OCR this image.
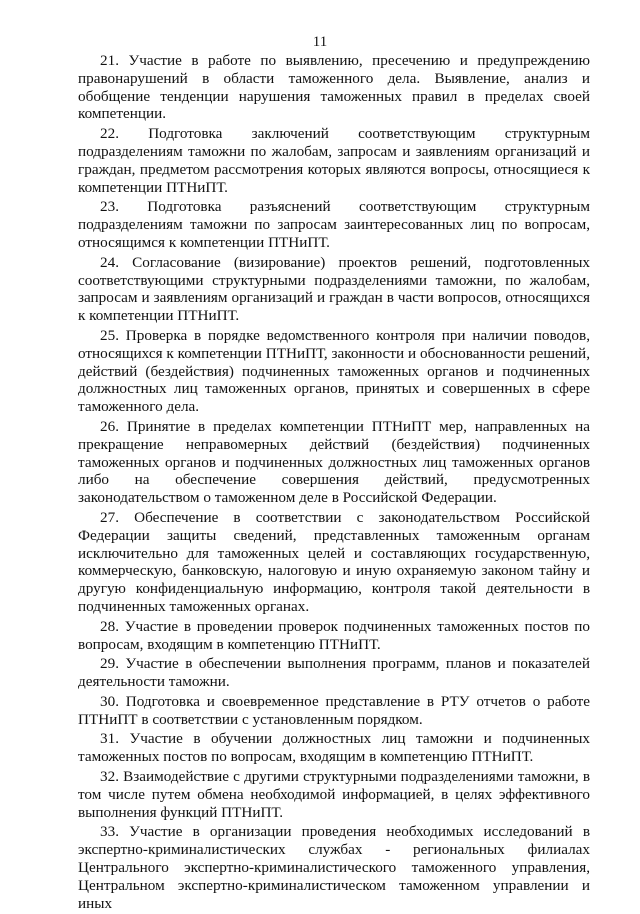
11

21. Участие в работе по выявлению, пресечению и предупреждению правонарушений в области таможенного дела. Выявление, анализ и обобщение тенденции нарушения таможенных правил в пределах своей компетенции.

22. Подготовка заключений соответствующим структурным подразделениям таможни по жалобам, запросам и заявлениям организаций и граждан, предметом рассмотрения которых являются вопросы, относящиеся к компетенции ПТНиПТ.

23. Подготовка разъяснений соответствующим структурным подразделениям таможни по запросам заинтересованных лиц по вопросам, относящимся к компетенции ПТНиПТ.

24. Согласование (визирование) проектов решений, подготовленных соответствующими структурными подразделениями таможни, по жалобам, запросам и заявлениям организаций и граждан в части вопросов, относящихся к компетенции ПТНиПТ.

25. Проверка в порядке ведомственного контроля при наличии поводов, относящихся к компетенции ПТНиПТ, законности и обоснованности решений, действий (бездействия) подчиненных таможенных органов и подчиненных должностных лиц таможенных органов, принятых и совершенных в сфере таможенного дела.

26. Принятие в пределах компетенции ПТНиПТ мер, направленных на прекращение неправомерных действий (бездействия) подчиненных таможенных органов и подчиненных должностных лиц таможенных органов либо на обеспечение совершения действий, предусмотренных законодательством о таможенном деле в Российской Федерации.

27. Обеспечение в соответствии с законодательством Российской Федерации защиты сведений, представленных таможенным органам исключительно для таможенных целей и составляющих государственную, коммерческую, банковскую, налоговую и иную охраняемую законом тайну и другую конфиденциальную информацию, контроля такой деятельности в подчиненных таможенных органах.

28. Участие в проведении проверок подчиненных таможенных постов по вопросам, входящим в компетенцию ПТНиПТ.

29. Участие в обеспечении выполнения программ, планов и показателей деятельности таможни.

30. Подготовка и своевременное представление в РТУ отчетов о работе ПТНиПТ в соответствии с установленным порядком.

31. Участие в обучении должностных лиц таможни и подчиненных таможенных постов по вопросам, входящим в компетенцию ПТНиПТ.

32. Взаимодействие с другими структурными подразделениями таможни, в том числе путем обмена необходимой информацией, в целях эффективного выполнения функций ПТНиПТ.

33. Участие в организации проведения необходимых исследований в экспертно-криминалистических службах - региональных филиалах Центрального экспертно-криминалистического таможенного управления, Центральном экспертно-криминалистическом таможенном управлении и иных
